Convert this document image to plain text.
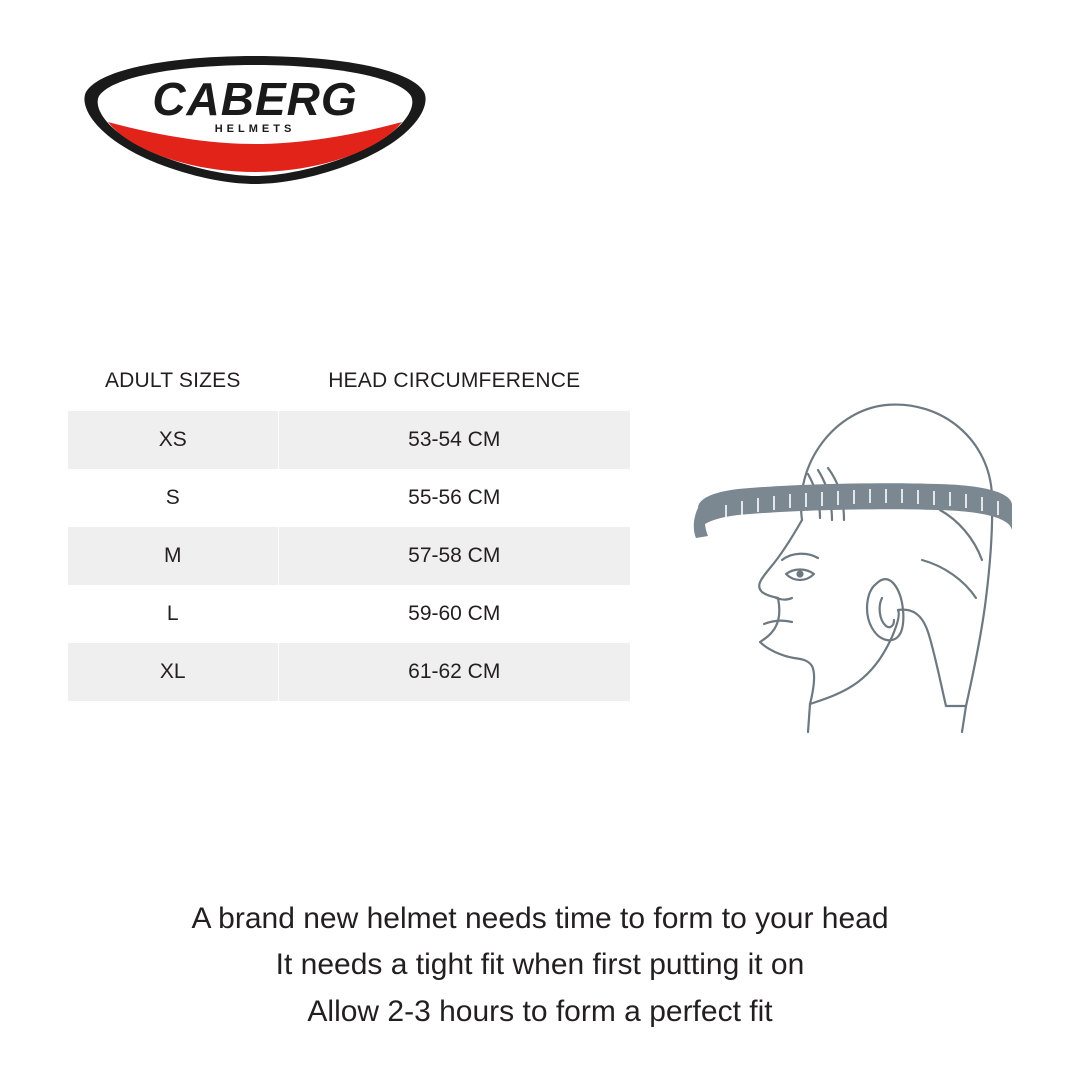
CABERG
HELMETS
ADULT SIZES	HEAD CIRCUMFERENCE
XS	53-54 CM
S	55-56 CM
M	57-58 CM
L	59-60 CM
XL	61-62 CM

A brand new helmet needs time to form to your head

It needs a tight fit when first putting it on

Allow 2-3 hours to form a perfect fit
